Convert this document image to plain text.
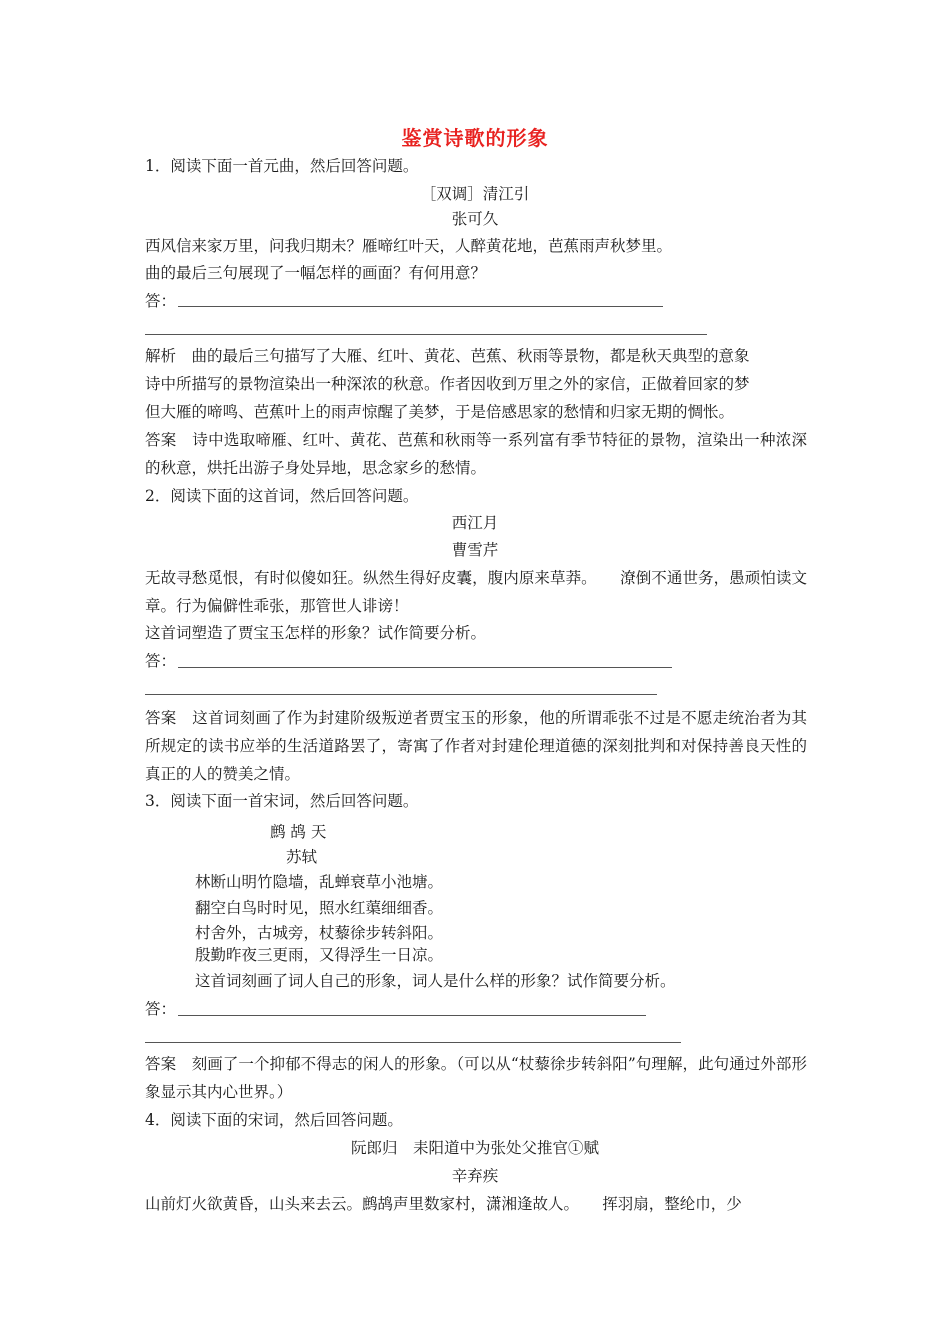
鉴赏诗歌的形象
1．阅读下面一首元曲，然后回答问题。
［双调］清江引
张可久
西风信来家万里，问我归期未？雁啼红叶天，人醉黄花地，芭蕉雨声秋梦里。
曲的最后三句展现了一幅怎样的画面？有何用意？
答：
解析　曲的最后三句描写了大雁、红叶、黄花、芭蕉、秋雨等景物，都是秋天典型的意象
诗中所描写的景物渲染出一种深浓的秋意。作者因收到万里之外的家信，正做着回家的梦
但大雁的啼鸣、芭蕉叶上的雨声惊醒了美梦，于是倍感思家的愁情和归家无期的惆怅。
答案　诗中选取啼雁、红叶、黄花、芭蕉和秋雨等一系列富有季节特征的景物，渲染出一种浓深的秋意，烘托出游子身处异地，思念家乡的愁情。
2．阅读下面的这首词，然后回答问题。
西江月
曹雪芹
无故寻愁觅恨，有时似傻如狂。纵然生得好皮囊，腹内原来草莽。　　潦倒不通世务，愚顽怕读文章。行为偏僻性乖张，那管世人诽谤！
这首词塑造了贾宝玉怎样的形象？试作简要分析。
答：
答案　这首词刻画了作为封建阶级叛逆者贾宝玉的形象，他的所谓乖张不过是不愿走统治者为其所规定的读书应举的生活道路罢了，寄寓了作者对封建伦理道德的深刻批判和对保持善良天性的真正的人的赞美之情。
3．阅读下面一首宋词，然后回答问题。
鹧 鸪 天
苏轼
林断山明竹隐墙，乱蝉衰草小池塘。
翻空白鸟时时见，照水红蕖细细香。
村舍外，古城旁，杖藜徐步转斜阳。
殷勤昨夜三更雨，又得浮生一日凉。
这首词刻画了词人自己的形象，词人是什么样的形象？试作简要分析。
答：
答案　刻画了一个抑郁不得志的闲人的形象。（可以从“杖藜徐步转斜阳”句理解，此句通过外部形象显示其内心世界。）
4．阅读下面的宋词，然后回答问题。
阮郎归　耒阳道中为张处父推官①赋
辛弃疾
山前灯火欲黄昏，山头来去云。鹧鸪声里数家村，潇湘逢故人。　　挥羽扇，整纶巾，少
